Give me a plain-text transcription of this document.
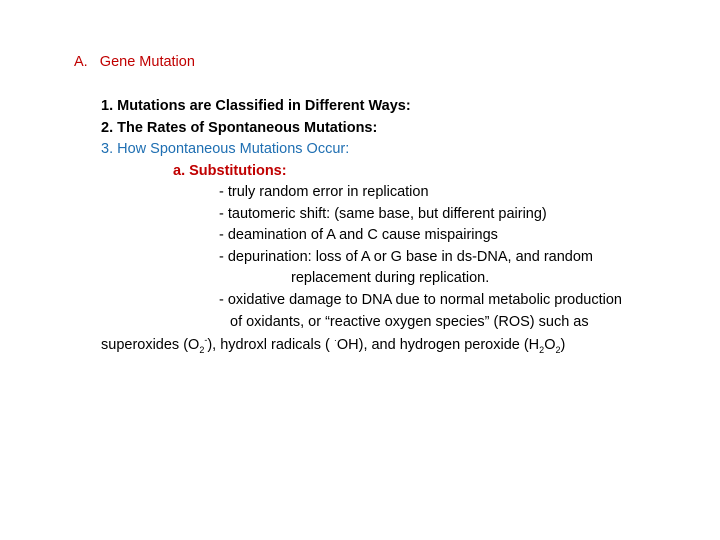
A. Gene Mutation
1. Mutations are Classified in Different Ways:
2. The Rates of Spontaneous Mutations:
3. How Spontaneous Mutations Occur:
a. Substitutions:
- truly random error in replication
- tautomeric shift: (same base, but different pairing)
- deamination of A and C cause mispairings
- depurination: loss of A or G base in ds-DNA, and random
replacement during replication.
- oxidative damage to DNA due to normal metabolic production
of oxidants, or “reactive oxygen species” (ROS) such as
superoxides $(O_2^-)$, hydroxl radicals ( ·OH), and hydrogen peroxide $(H_2O_2)$
